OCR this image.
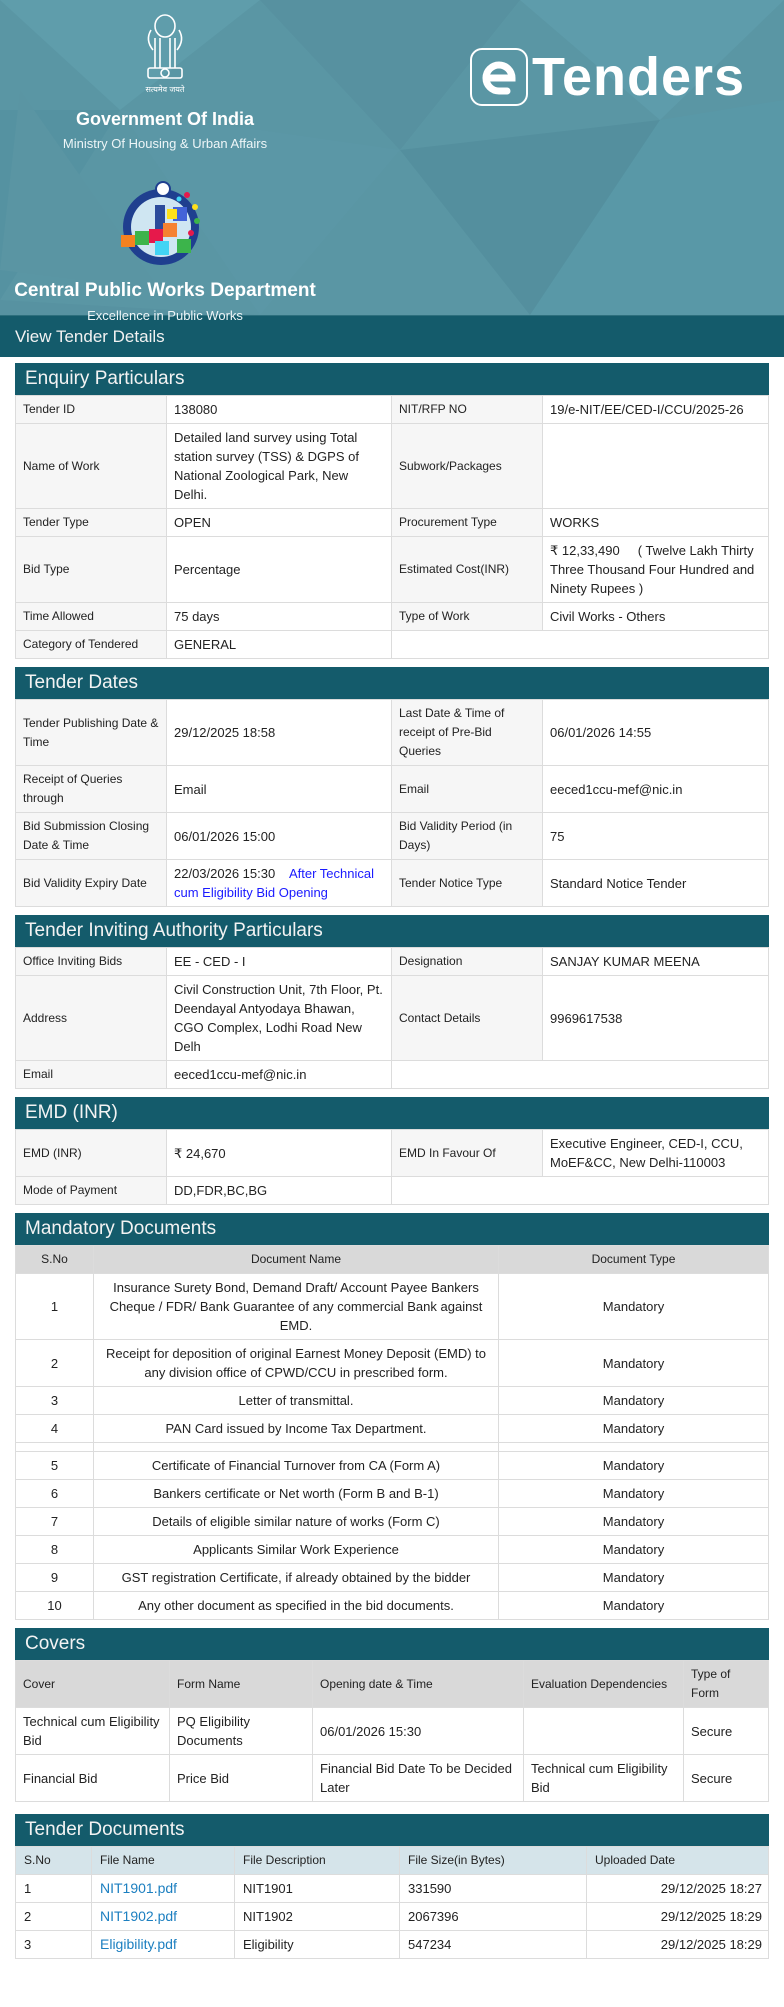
सत्यमेव जयते
Government Of India
Ministry Of Housing & Urban Affairs
Central Public Works Department
Excellence in Public Works
Tenders
View Tender Details
Enquiry Particulars
Tender ID	138080	NIT/RFP NO	19/e-NIT/EE/CED-I/CCU/2025-26
Name of Work	Detailed land survey using Total station survey (TSS) & DGPS of National Zoological Park, New Delhi.	Subwork/Packages	
Tender Type	OPEN	Procurement Type	WORKS
Bid Type	Percentage	Estimated Cost(INR)	₹ 12,33,490     ( Twelve Lakh Thirty Three Thousand Four Hundred and Ninety Rupees )
Time Allowed	75 days	Type of Work	Civil Works - Others
Category of Tendered	GENERAL		
Tender Dates
Tender Publishing Date & Time	29/12/2025 18:58	Last Date & Time of receipt of Pre-Bid Queries	06/01/2026 14:55
Receipt of Queries through	Email	Email	eeced1ccu-mef@nic.in
Bid Submission Closing Date & Time	06/01/2026 15:00	Bid Validity Period (in Days)	75
Bid Validity Expiry Date	22/03/2026 15:30 After Technical cum Eligibility Bid Opening	Tender Notice Type	Standard Notice Tender
Tender Inviting Authority Particulars
Office Inviting Bids	EE - CED - I	Designation	SANJAY KUMAR MEENA
Address	Civil Construction Unit, 7th Floor, Pt. Deendayal Antyodaya Bhawan, CGO Complex, Lodhi Road New Delh	Contact Details	9969617538
Email	eeced1ccu-mef@nic.in		
EMD (INR)
EMD (INR)	₹ 24,670	EMD In Favour Of	Executive Engineer, CED-I, CCU, MoEF&CC, New Delhi-110003
Mode of Payment	DD,FDR,BC,BG		
Mandatory Documents
S.No	Document Name	Document Type
1	Insurance Surety Bond, Demand Draft/ Account Payee Bankers Cheque / FDR/ Bank Guarantee of any commercial Bank against EMD.	Mandatory
2	Receipt for deposition of original Earnest Money Deposit (EMD) to any division office of CPWD/CCU in prescribed form.	Mandatory
3	Letter of transmittal.	Mandatory
4	PAN Card issued by Income Tax Department.	Mandatory

5	Certificate of Financial Turnover from CA (Form A)	Mandatory
6	Bankers certificate or Net worth (Form B and B-1)	Mandatory
7	Details of eligible similar nature of works (Form C)	Mandatory
8	Applicants Similar Work Experience	Mandatory
9	GST registration Certificate, if already obtained by the bidder	Mandatory
10	Any other document as specified in the bid documents.	Mandatory
Covers
Cover	Form Name	Opening date & Time	Evaluation Dependencies	Type of Form
Technical cum Eligibility Bid	PQ Eligibility Documents	06/01/2026 15:30		Secure
Financial Bid	Price Bid	Financial Bid Date To be Decided Later	Technical cum Eligibility Bid	Secure
Tender Documents
S.No	File Name	File Description	File Size(in Bytes)	Uploaded Date
1	NIT1901.pdf	NIT1901	331590	29/12/2025 18:27
2	NIT1902.pdf	NIT1902	2067396	29/12/2025 18:29
3	Eligibility.pdf	Eligibility	547234	29/12/2025 18:29
